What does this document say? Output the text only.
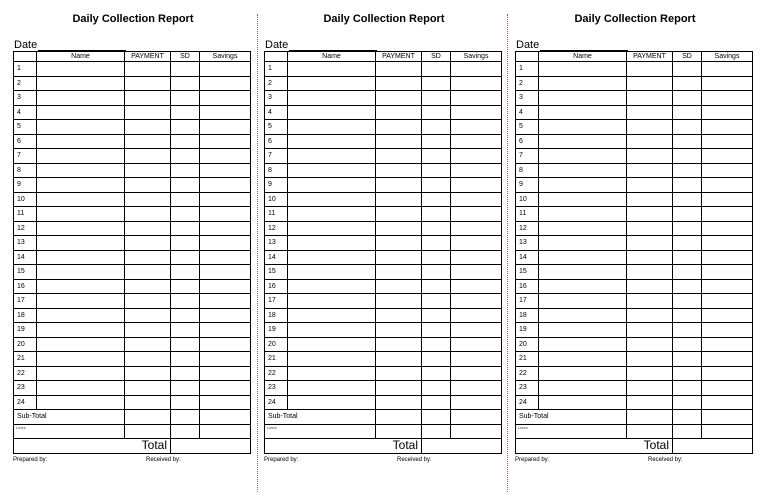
Daily Collection Report
Date
	Name	PAYMENT	SD	Savings
1				
2				
3				
4				
5				
6				
7				
8				
9				
10				
11				
12				
13				
14				
15				
16				
17				
18				
19				
20				
21				
22				
23				
24				
Sub-Total				
Lines				
Total				
Prepared by:	Received by:
Daily Collection Report
Date
	Name	PAYMENT	SD	Savings
1				
2				
3				
4				
5				
6				
7				
8				
9				
10				
11				
12				
13				
14				
15				
16				
17				
18				
19				
20				
21				
22				
23				
24				
Sub-Total				
Lines				
Total				
Prepared by:	Received by:
Daily Collection Report
Date
	Name	PAYMENT	SD	Savings
1				
2				
3				
4				
5				
6				
7				
8				
9				
10				
11				
12				
13				
14				
15				
16				
17				
18				
19				
20				
21				
22				
23				
24				
Sub-Total				
Lines				
Total				
Prepared by:	Received by:
